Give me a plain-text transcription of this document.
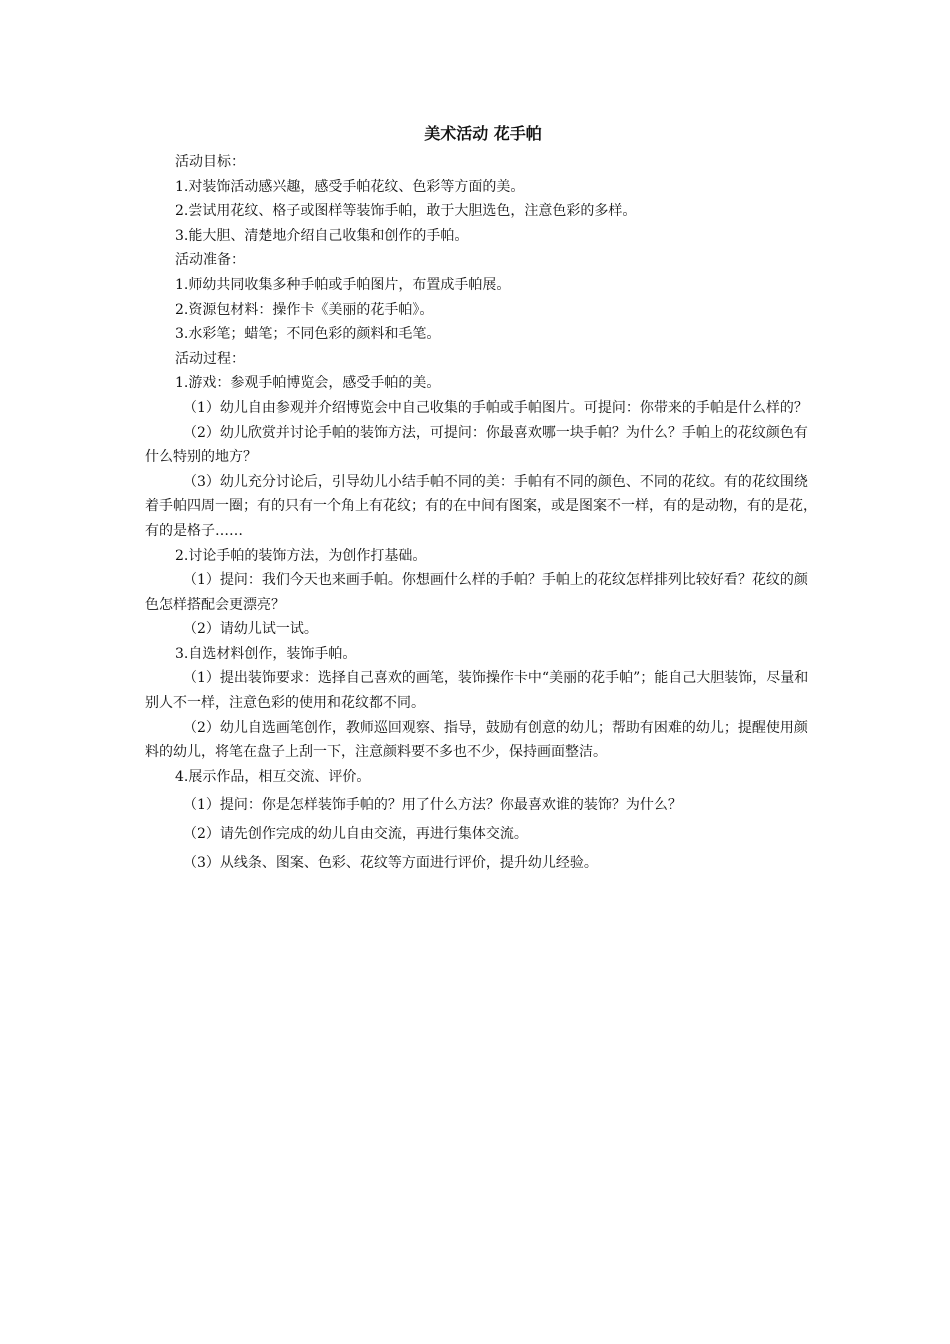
美术活动 花手帕

活动目标：

1.对装饰活动感兴趣，感受手帕花纹、色彩等方面的美。

2.尝试用花纹、格子或图样等装饰手帕，敢于大胆选色，注意色彩的多样。

3.能大胆、清楚地介绍自己收集和创作的手帕。

活动准备：

1.师幼共同收集多种手帕或手帕图片，布置成手帕展。

2.资源包材料：操作卡《美丽的花手帕》。

3.水彩笔；蜡笔；不同色彩的颜料和毛笔。

活动过程：

1.游戏：参观手帕博览会，感受手帕的美。

（1）幼儿自由参观并介绍博览会中自己收集的手帕或手帕图片。可提问：你带来的手帕是什么样的？

（2）幼儿欣赏并讨论手帕的装饰方法，可提问：你最喜欢哪一块手帕？为什么？手帕上的花纹颜色有什么特别的地方？

（3）幼儿充分讨论后，引导幼儿小结手帕不同的美：手帕有不同的颜色、不同的花纹。有的花纹围绕着手帕四周一圈；有的只有一个角上有花纹；有的在中间有图案，或是图案不一样，有的是动物，有的是花，有的是格子……

2.讨论手帕的装饰方法，为创作打基础。

（1）提问：我们今天也来画手帕。你想画什么样的手帕？手帕上的花纹怎样排列比较好看？花纹的颜色怎样搭配会更漂亮？

（2）请幼儿试一试。

3.自选材料创作，装饰手帕。

（1）提出装饰要求：选择自己喜欢的画笔，装饰操作卡中“美丽的花手帕”；能自己大胆装饰，尽量和别人不一样，注意色彩的使用和花纹都不同。

（2）幼儿自选画笔创作，教师巡回观察、指导，鼓励有创意的幼儿；帮助有困难的幼儿；提醒使用颜料的幼儿，将笔在盘子上刮一下，注意颜料要不多也不少，保持画面整洁。

4.展示作品，相互交流、评价。

（1）提问：你是怎样装饰手帕的？用了什么方法？你最喜欢谁的装饰？为什么？

（2）请先创作完成的幼儿自由交流，再进行集体交流。

（3）从线条、图案、色彩、花纹等方面进行评价，提升幼儿经验。
